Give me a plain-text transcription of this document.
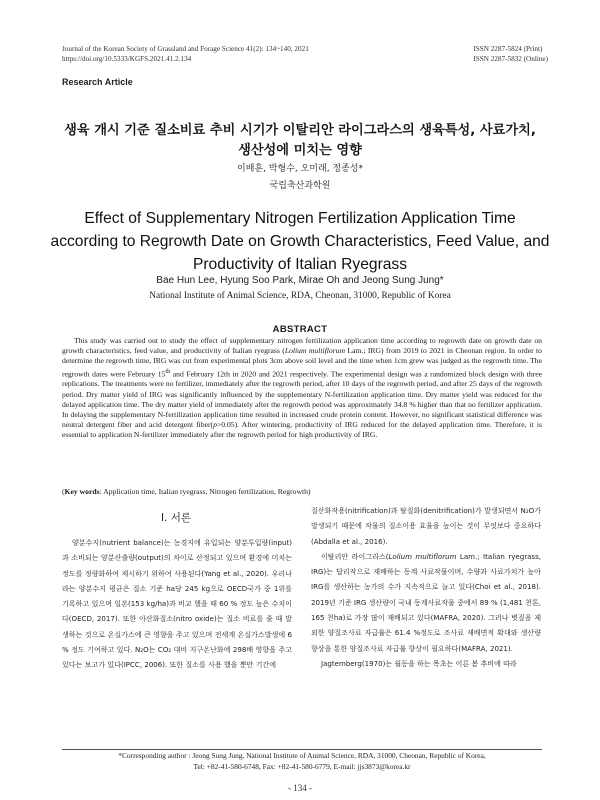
Journal of the Korean Society of Grassland and Forage Science 41(2): 134~140, 2021
https://doi.org/10.5333/KGFS.2021.41.2.134
ISSN 2287-5824 (Print)
ISSN 2287-5832 (Online)
Research Article
생육 개시 기준 질소비료 추비 시기가 이탈리안 라이그라스의 생육특성, 사료가치, 생산성에 미치는 영향
이배훈, 박형수, 오미래, 정종성*
국립축산과학원
Effect of Supplementary Nitrogen Fertilization Application Time according to Regrowth Date on Growth Characteristics, Feed Value, and Productivity of Italian Ryegrass
Bae Hun Lee, Hyung Soo Park, Mirae Oh and Jeong Sung Jung*
National Institute of Animal Science, RDA, Cheonan, 31000, Republic of Korea
ABSTRACT

This study was carried out to study the effect of supplementary nitrogen fertilization application time according to regrowth date on growth date on growth characteristics, feed value, and productivity of Italian ryegrass (Lolium multiflorum Lam.; IRG) from 2019 to 2021 in Cheonan region. In order to determine the regrowth time, IRG was cut from experimental plots 3cm above soil level and the time when 1cm grew was judged as the regrowth time. The regrowth dates were February 15th and February 12th in 2020 and 2021 respectively. The experimental design was a randomized block design with three replications. The treatments were no fertilizer, immediately after the regrowth period, after 10 days of the regrowth period, and after 25 days of the regrowth period. Dry matter yield of IRG was significantly influenced by the supplementary N-fertilization application time. Dry matter yield was reduced for the delayed application time. The dry matter yield of immediately after the regrowth period was approximately 34.8 % higher than that no fertilizer application. In delaying the supplementary N-fertilization application time resulted in increased crude protein content. However, no significant statistical difference was neutral detergent fiber and acid detergent fiber(p>0.05). After wintering, productivity of IRG reduced for the delayed application time. Therefore, it is essential to application N-fertilizer immediately after the regrowth period for high productivity of IRG.

(Key words: Application time, Italian ryegrass, Nitrogen fertilization, Regrowth)
Ⅰ. 서론

양분수지(nutrient balance)는 농경지에 유입되는 양분투입량(input)과 소비되는 양분산출량(output)의 차이로 산정되고 있으며 환경에 미치는 정도를 정량화하여 제시하기 위하여 사용된다(Yang et al., 2020). 우리나라는 양분수지 평균은 질소 기준 ha당 245 kg으로 OECD국가 중 1위를 기록하고 있으며 일본(153 kg/ha)과 비교 했을 때 60 % 정도 높은 수치이다(OECD, 2017). 또한 아산화질소(nitro oxide)는 질소 비료를 줄 때 발생하는 것으로 온실가스에 큰 영향을 주고 있으며 전세계 온실가스발생에 6 % 정도 기여하고 있다. N₂O는 CO₂ 대비 지구온난화에 298배 영향을 주고 있다는 보고가 있다(IPCC, 2006). 또한 질소를 사용 했을 뿐만 기간에

질산화작용(nitrification)과 탈질화(denitrification)가 발생되면서 N₂O가 발생되기 때문에 작물의 질소이용 효율을 높이는 것이 무엇보다 중요하다(Abdalla et al., 2016).

이탈리안 라이그라스(Lolium multiflorum Lam.; Italian ryegrass, IRG)는 답리작으로 재배하는 동계 사료작물이며, 수량과 사료가치가 높아 IRG를 생산하는 농가의 수가 지속적으로 늘고 있다(Choi et al., 2018). 2019년 기준 IRG 생산량이 국내 동계사료작물 중에서 89 % (1,481 천톤, 165 천ha)로 가장 많이 재배되고 있다(MAFRA, 2020). 그러나 볏짚을 제외한 양질조사료 자급률은 61.4 %정도로 조사료 재배면적 확대와 생산량 향상을 통한 양질조사료 자급률 향상이 필요하다(MAFRA, 2021).

Jagtemberg(1970)는 월동을 하는 목초는 이른 봄 추비에 따라

*Corresponding author : Jeong Sung Jung, National Institute of Animal Science, RDA, 31000, Cheonan, Republic of Korea,
Tel: +82-41-580-6748, Fax: +82-41-580-6779, E-mail: jjs3873@korea.kr
- 134 -
